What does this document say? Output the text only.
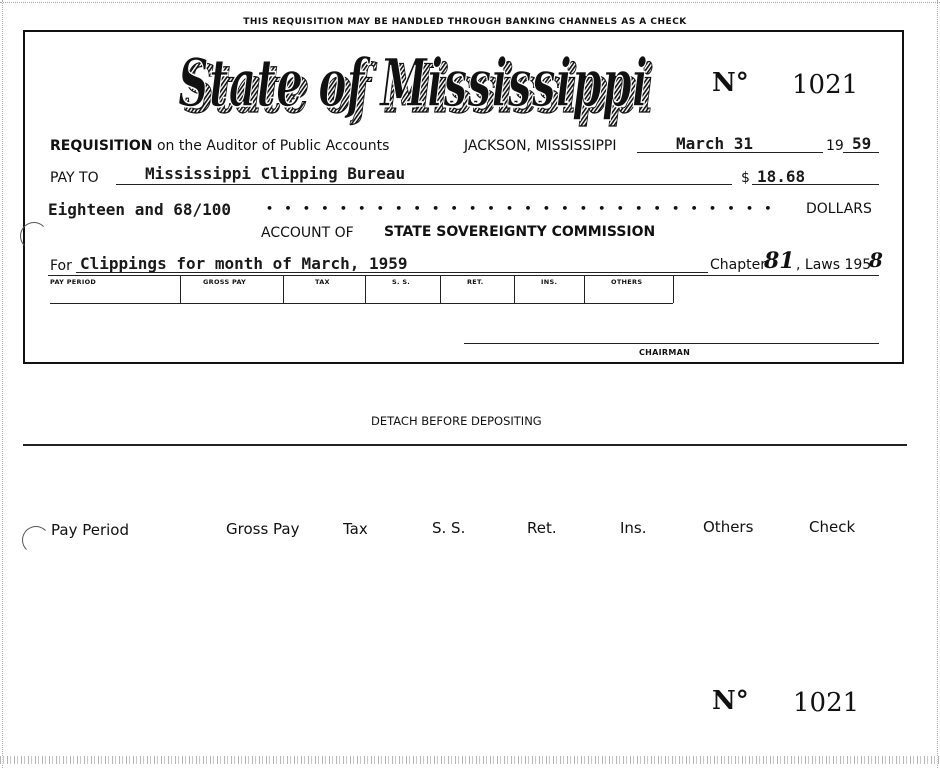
THIS REQUISITION MAY BE HANDLED THROUGH BANKING CHANNELS AS A CHECK
State of Mississippi
State of Mississippi N° 1021
REQUISITION on the Auditor of Public Accounts	JACKSON, MISSISSIPPI	March 31	19 59
PAY TO	Mississippi Clipping Bureau	$ 18.68
Eighteen and 68/100	• • • • • • • • • • • • • • • • • • • • • • • • • • • • DOLLARS
ACCOUNT OF STATE SOVEREIGNTY COMMISSION
For Clippings for month of March, 1959	Chapter
81 , Laws 195
8
PAY PERIOD	GROSS PAY	TAX	S. S.	RET.	INS.	OTHERS
CHAIRMAN
DETACH BEFORE DEPOSITING
Pay Period	Gross Pay	Tax	S. S.	Ret.	Ins.	Others	Check
N° 1021
